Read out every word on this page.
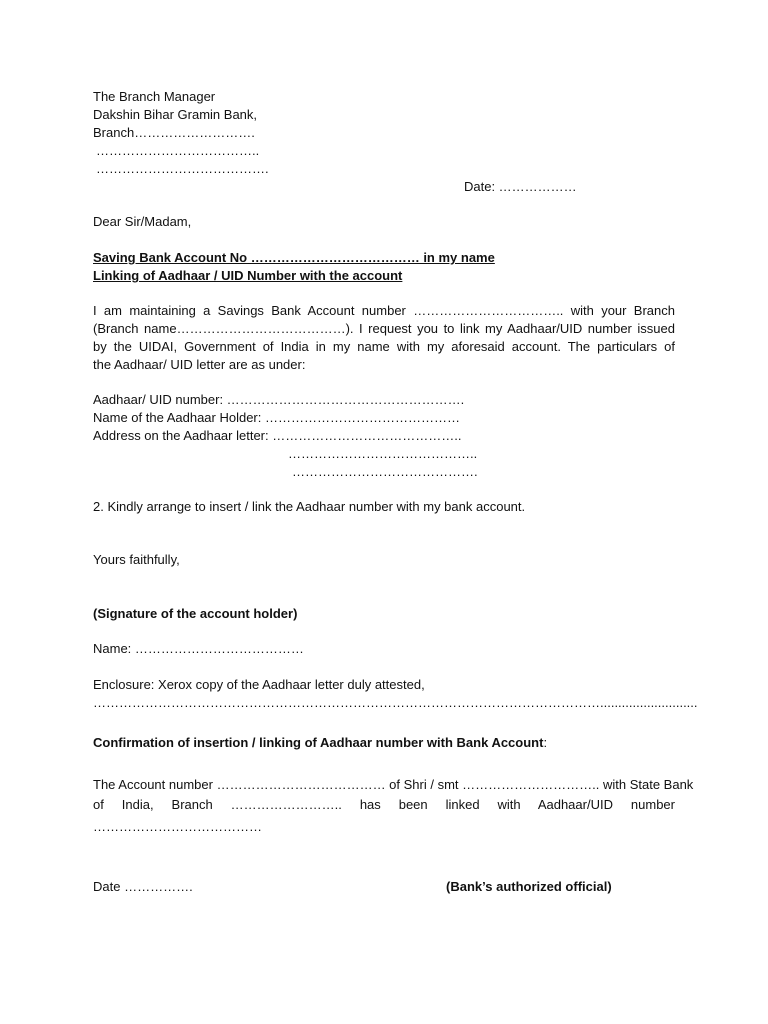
The Branch Manager
Dakshin Bihar Gramin Bank,
Branch……………………….
………………………………..
………………………………….
Date: ………………
Dear Sir/Madam,
Saving Bank Account No ………………………………… in my name
Linking of Aadhaar / UID Number with the account
I am maintaining a Savings Bank Account number …………………………….. with your Branch
(Branch name…………………………………). I request you to link my Aadhaar/UID number issued
by the UIDAI, Government of India in my name with my aforesaid account. The particulars of
the Aadhaar/ UID letter are as under:
Aadhaar/ UID number: ……………………………………………….
Name of the Aadhaar Holder: ………………………………………
Address on the Aadhaar letter: ……………………………………..
……………………………………..
…………………………………….
2. Kindly arrange to insert / link the Aadhaar number with my bank account.
Yours faithfully,
(Signature of the account holder)
Name: …………………………………
Enclosure: Xerox copy of the Aadhaar letter duly attested,
………………………………………………………………………………………………………...........................
Confirmation of insertion / linking of Aadhaar number with Bank Account:
The Account number ………………………………… of Shri / smt ………………………….. with State Bank
of India, Branch …………………….. has been linked with Aadhaar/UID number
…………………………………
Date …………….	(Bank’s authorized official)
